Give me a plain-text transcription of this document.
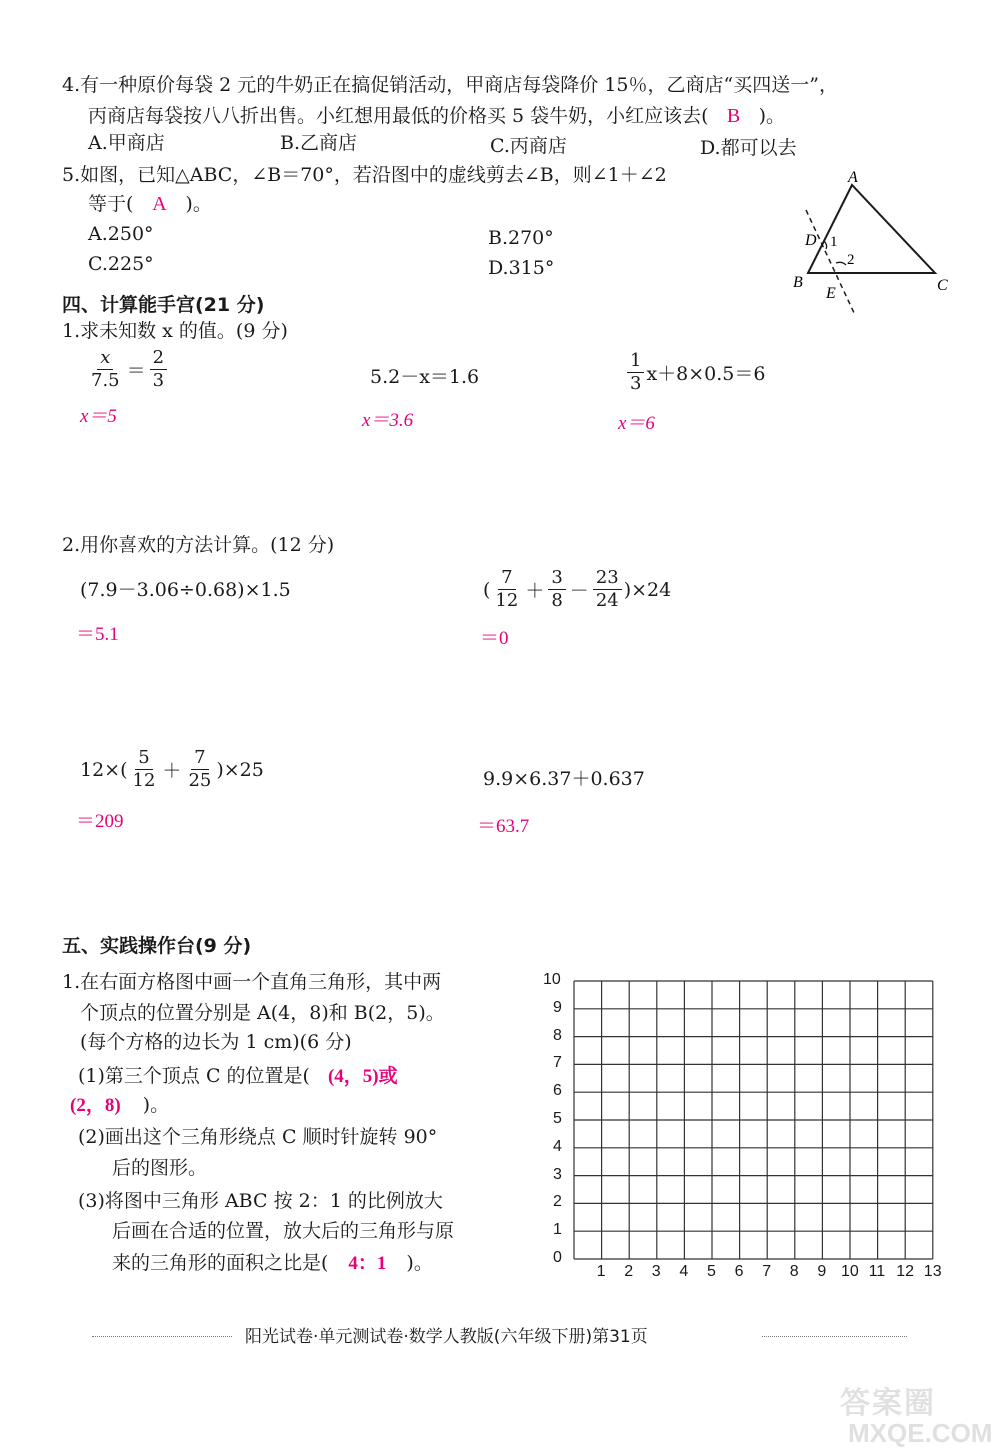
4.有一种原价每袋 2 元的牛奶正在搞促销活动，甲商店每袋降价 15％，乙商店“买四送一”，
丙商店每袋按八八折出售。小红想用最低的价格买 5 袋牛奶，小红应该去( B )。
A.甲商店	B.乙商店	C.丙商店	D.都可以去
5.如图，已知△ABC，∠B＝70°，若沿图中的虚线剪去∠B，则∠1＋∠2
等于( A )。
A.250°	B.270°
C.225°	D.315°
A
B	C
D
E
1
2
四、计算能手宫(21 分)
1.求未知数 x 的值。(9 分)
$\frac{x}{7.5} = \frac{2}{3}$
x＝5
5.2－x＝1.6
x＝3.6
$\frac{1}{3} x+8\times 0.5=6$
x＝6
2.用你喜欢的方法计算。(12 分)
(7.9－3.06÷0.68)×1.5
＝5.1
( $\frac{7}{12} + \frac{3}{8} - \frac{23}{24} )\times 24$
＝0
$12\times( \frac{5}{12} + \frac{7}{25} )\times 25$
＝209
9.9×6.37＋0.637
＝63.7
五、实践操作台(9 分)
1.在右面方格图中画一个直角三角形，其中两
个顶点的位置分别是 A(4，8)和 B(2，5)。
(每个方格的边长为 1 cm)(6 分)
(1)第三个顶点 C 的位置是( (4，5)或
(2，8) )。
(2)画出这个三角形绕点 C 顺时针旋转 90°
后的图形。
(3)将图中三角形 ABC 按 2：1 的比例放大
后画在合适的位置，放大后的三角形与原
来的三角形的面积之比是( 4：1 )。
10
9
8
7
6
5
4
3
2
1
0
1 2 3 4 5 6 7 8 9 10 11 12 13
阳光试卷·单元测试卷·数学人教版(六年级下册)第31页
答案圈
MXQE.COM
